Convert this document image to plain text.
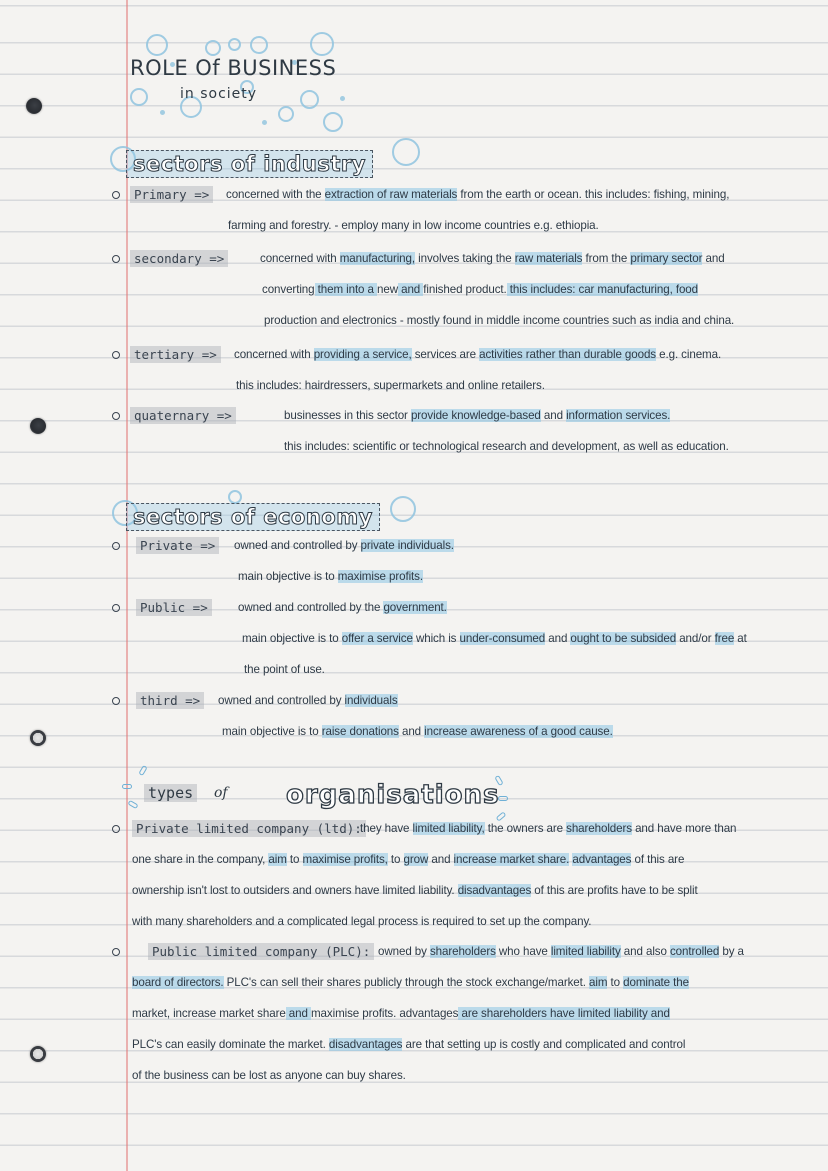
ROLE Of BUSINESS
in society
sectors of industry
Primary =>	concerned with the extraction of raw materials from the earth or ocean. this includes: fishing, mining,
farming and forestry. - employ many in low income countries e.g. ethiopia.
secondary =>	concerned with manufacturing, involves taking the raw materials from the primary sector and
converting them into a new and finished product. this includes: car manufacturing, food
production and electronics - mostly found in middle income countries such as india and china.
tertiary =>	concerned with providing a service, services are activities rather than durable goods e.g. cinema.
this includes: hairdressers, supermarkets and online retailers.
quaternary =>	businesses in this sector provide knowledge-based and information services.
this includes: scientific or technological research and development, as well as education.
sectors of economy
Private =>	owned and controlled by private individuals.
main objective is to maximise profits.
Public =>	owned and controlled by the government.
main objective is to offer a service which is under-consumed and ought to be subsided and/or free at
the point of use.
third =>	owned and controlled by individuals
main objective is to raise donations and increase awareness of a good cause.
types of organisations
Private limited company (ltd):
they have limited liability, the owners are shareholders and have more than
one share in the company, aim to maximise profits, to grow and increase market share. advantages of this are
ownership isn't lost to outsiders and owners have limited liability. disadvantages of this are profits have to be split
with many shareholders and a complicated legal process is required to set up the company.
Public limited company (PLC): owned by shareholders who have limited liability and also controlled by a
board of directors. PLC's can sell their shares publicly through the stock exchange/market. aim to dominate the
market, increase market share and maximise profits. advantages are shareholders have limited liability and
PLC's can easily dominate the market. disadvantages are that setting up is costly and complicated and control
of the business can be lost as anyone can buy shares.
